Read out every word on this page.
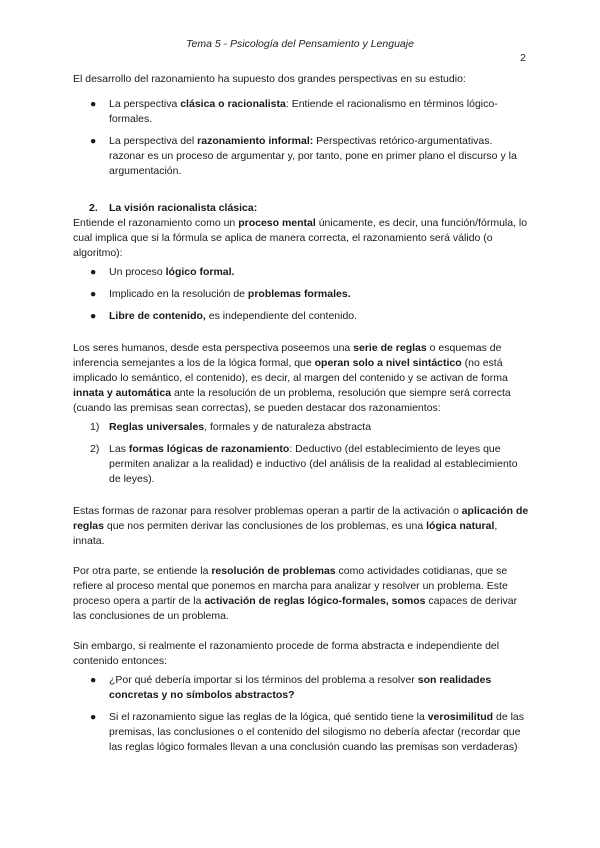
Tema 5 - Psicología del Pensamiento y Lenguaje
2

El desarrollo del razonamiento ha supuesto dos grandes perspectivas en su estudio:

● La perspectiva clásica o racionalista: Entiende el racionalismo en términos lógico-formales.
● La perspectiva del razonamiento informal: Perspectivas retórico-argumentativas. razonar es un proceso de argumentar y, por tanto, pone en primer plano el discurso y la argumentación.
2. La visión racionalista clásica:

Entiende el razonamiento como un proceso mental únicamente, es decir, una función/fórmula, lo cual implica que si la fórmula se aplica de manera correcta, el razonamiento será válido (o algoritmo):

● Un proceso lógico formal.
● Implicado en la resolución de problemas formales.
● Libre de contenido, es independiente del contenido.

Los seres humanos, desde esta perspectiva poseemos una serie de reglas o esquemas de inferencia semejantes a los de la lógica formal, que operan solo a nivel sintáctico (no está implicado lo semántico, el contenido), es decir, al margen del contenido y se activan de forma innata y automática ante la resolución de un problema, resolución que siempre será correcta (cuando las premisas sean correctas), se pueden destacar dos razonamientos:

1) Reglas universales, formales y de naturaleza abstracta
2) Las formas lógicas de razonamiento: Deductivo (del establecimiento de leyes que permiten analizar a la realidad) e inductivo (del análisis de la realidad al establecimiento de leyes).

Estas formas de razonar para resolver problemas operan a partir de la activación o aplicación de reglas que nos permiten derivar las conclusiones de los problemas, es una lógica natural, innata.

Por otra parte, se entiende la resolución de problemas como actividades cotidianas, que se refiere al proceso mental que ponemos en marcha para analizar y resolver un problema. Este proceso opera a partir de la activación de reglas lógico-formales, somos capaces de derivar las conclusiones de un problema.

Sin embargo, si realmente el razonamiento procede de forma abstracta e independiente del contenido entonces:

● ¿Por qué debería importar si los términos del problema a resolver son realidades concretas y no símbolos abstractos?
● Si el razonamiento sigue las reglas de la lógica, qué sentido tiene la verosimilitud de las premisas, las conclusiones o el contenido del silogismo no debería afectar (recordar que las reglas lógico formales llevan a una conclusión cuando las premisas son verdaderas)
